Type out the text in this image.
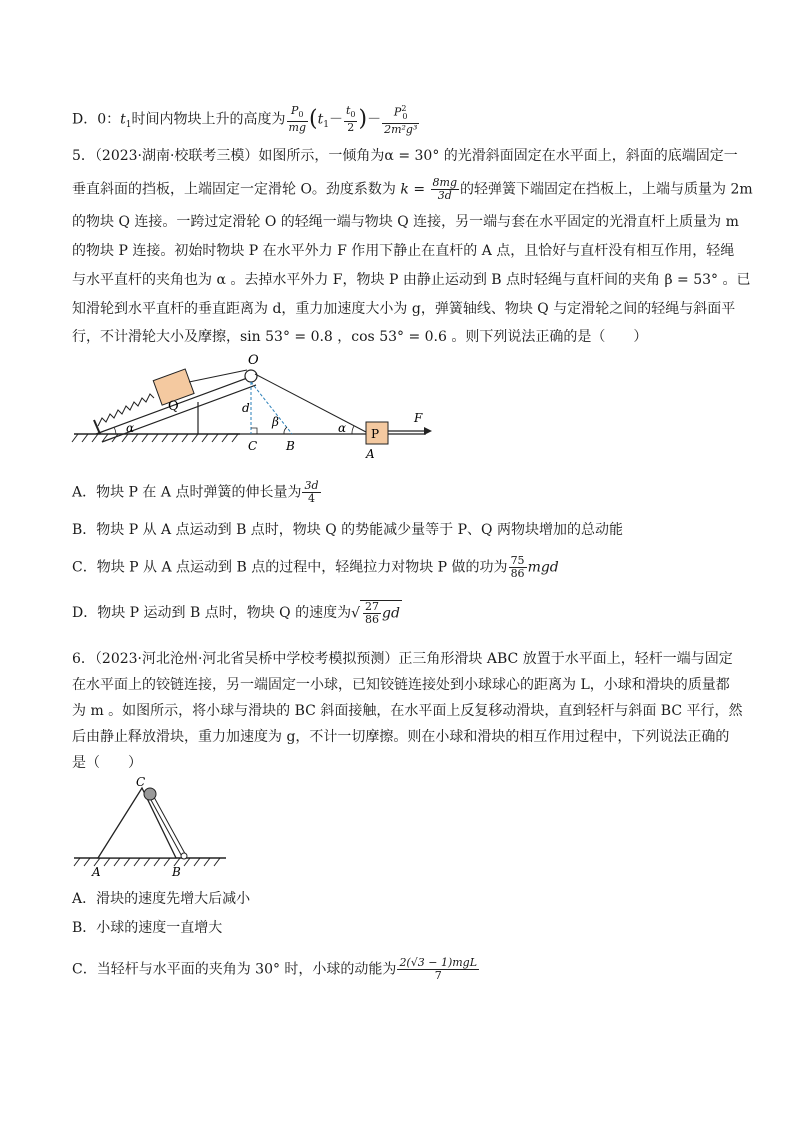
D．0：$t_1$时间内物块上升的高度为 $\frac{P_0}{mg} (t_1- \frac{t_0}{2}$ )－ $\frac{P^2_0}{\text{2m²g³}}$
5．（2023·湖南·校联考三模）如图所示，一倾角为α = 30° 的光滑斜面固定在水平面上，斜面的底端固定一
垂直斜面的挡板，上端固定一定滑轮 O。劲度系数为 $k = \frac{8mg}{3d}$ 的轻弹簧下端固定在挡板上，上端与质量为 2m
的物块 Q 连接。一跨过定滑轮 O 的轻绳一端与物块 Q 连接，另一端与套在水平固定的光滑直杆上质量为 m
的物块 P 连接。初始时物块 P 在水平外力 F 作用下静止在直杆的 A 点，且恰好与直杆没有相互作用，轻绳
与水平直杆的夹角也为 α 。去掉水平外力 F，物块 P 由静止运动到 B 点时轻绳与直杆间的夹角 β = 53° 。已
知滑轮到水平直杆的垂直距离为 d，重力加速度大小为 g，弹簧轴线、物块 Q 与定滑轮之间的轻绳与斜面平
行，不计滑轮大小及摩擦，sin 53° = 0.8 ，cos 53° = 0.6 。则下列说法正确的是（　　）
Q
O
d
β
C B
α P
A
F
α
A．物块 P 在 A 点时弹簧的伸长量为 $\frac{3d}{4}$
B．物块 P 从 A 点运动到 B 点时，物块 Q 的势能减少量等于 P、Q 两物块增加的总动能
C．物块 P 从 A 点运动到 B 点的过程中，轻绳拉力对物块 P 做的功为 $\frac{75}{86}$ mgd
D．物块 P 运动到 B 点时，物块 Q 的速度为√ $\frac{27}{86}$ gd
6．（2023·河北沧州·河北省吴桥中学校考模拟预测）正三角形滑块 ABC 放置于水平面上，轻杆一端与固定
在水平面上的铰链连接，另一端固定一小球，已知铰链连接处到小球球心的距离为 L，小球和滑块的质量都
为 m 。如图所示，将小球与滑块的 BC 斜面接触，在水平面上反复移动滑块，直到轻杆与斜面 BC 平行，然
后由静止释放滑块，重力加速度为 g，不计一切摩擦。则在小球和滑块的相互作用过程中，下列说法正确的
是（　　）
C
A	B
A．滑块的速度先增大后减小
B．小球的速度一直增大
C．当轻杆与水平面的夹角为 30° 时，小球的动能为 $\frac{\text{2(√3 − 1)mgL}}{7}$
